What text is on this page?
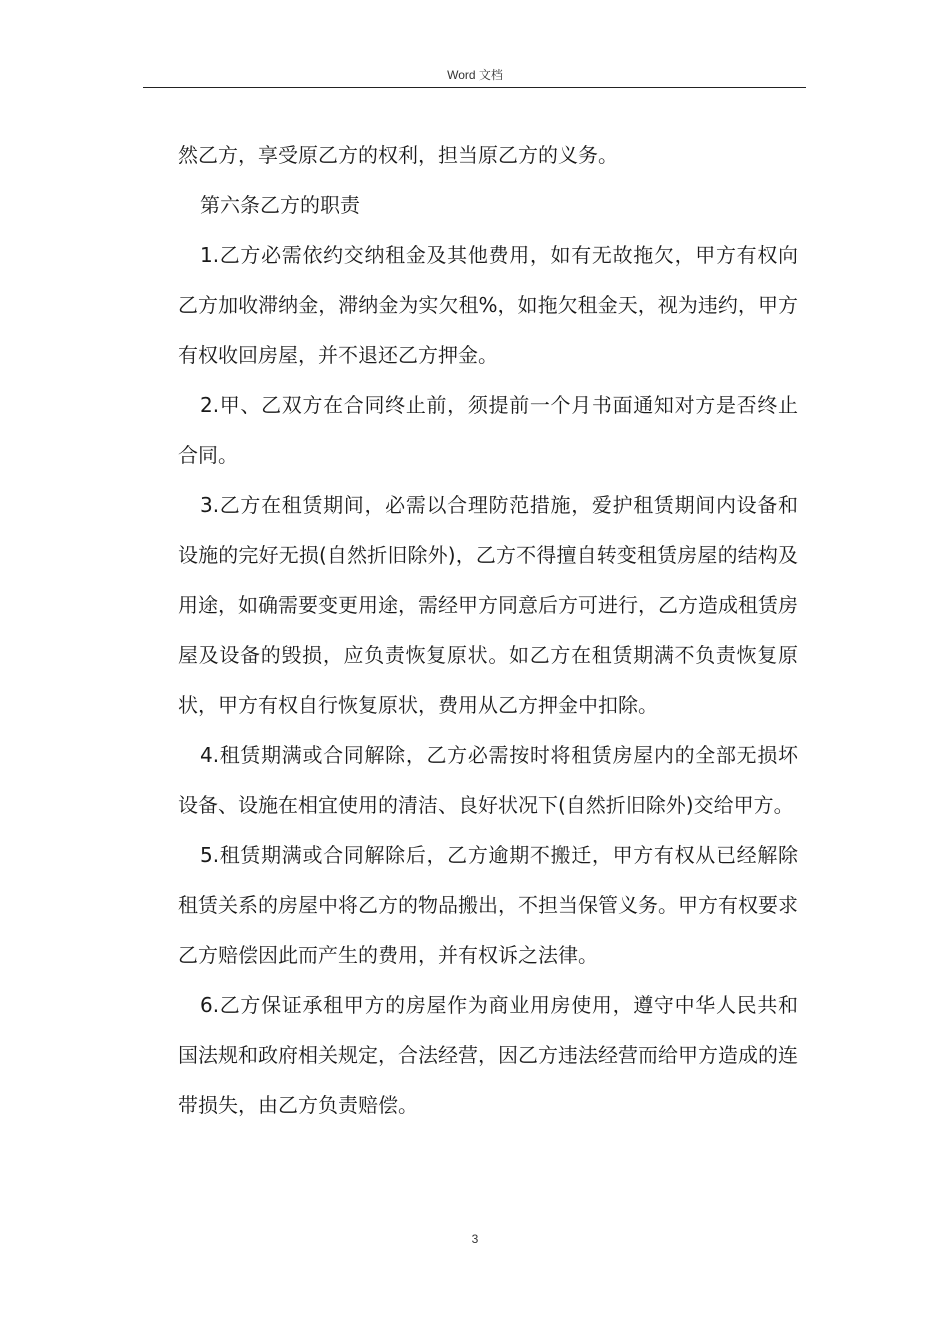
Word 文档

然乙方，享受原乙方的权利，担当原乙方的义务。

第六条乙方的职责

1.乙方必需依约交纳租金及其他费用，如有无故拖欠，甲方有权向乙方加收滞纳金，滞纳金为实欠租%，如拖欠租金天，视为违约，甲方有权收回房屋，并不退还乙方押金。

2.甲、乙双方在合同终止前，须提前一个月书面通知对方是否终止合同。

3.乙方在租赁期间，必需以合理防范措施，爱护租赁期间内设备和设施的完好无损(自然折旧除外)，乙方不得擅自转变租赁房屋的结构及用途，如确需要变更用途，需经甲方同意后方可进行，乙方造成租赁房屋及设备的毁损，应负责恢复原状。如乙方在租赁期满不负责恢复原状，甲方有权自行恢复原状，费用从乙方押金中扣除。

4.租赁期满或合同解除，乙方必需按时将租赁房屋内的全部无损坏设备、设施在相宜使用的清洁、良好状况下(自然折旧除外)交给甲方。

5.租赁期满或合同解除后，乙方逾期不搬迁，甲方有权从已经解除租赁关系的房屋中将乙方的物品搬出，不担当保管义务。甲方有权要求乙方赔偿因此而产生的费用，并有权诉之法律。

6.乙方保证承租甲方的房屋作为商业用房使用，遵守中华人民共和国法规和政府相关规定，合法经营，因乙方违法经营而给甲方造成的连带损失，由乙方负责赔偿。

3
